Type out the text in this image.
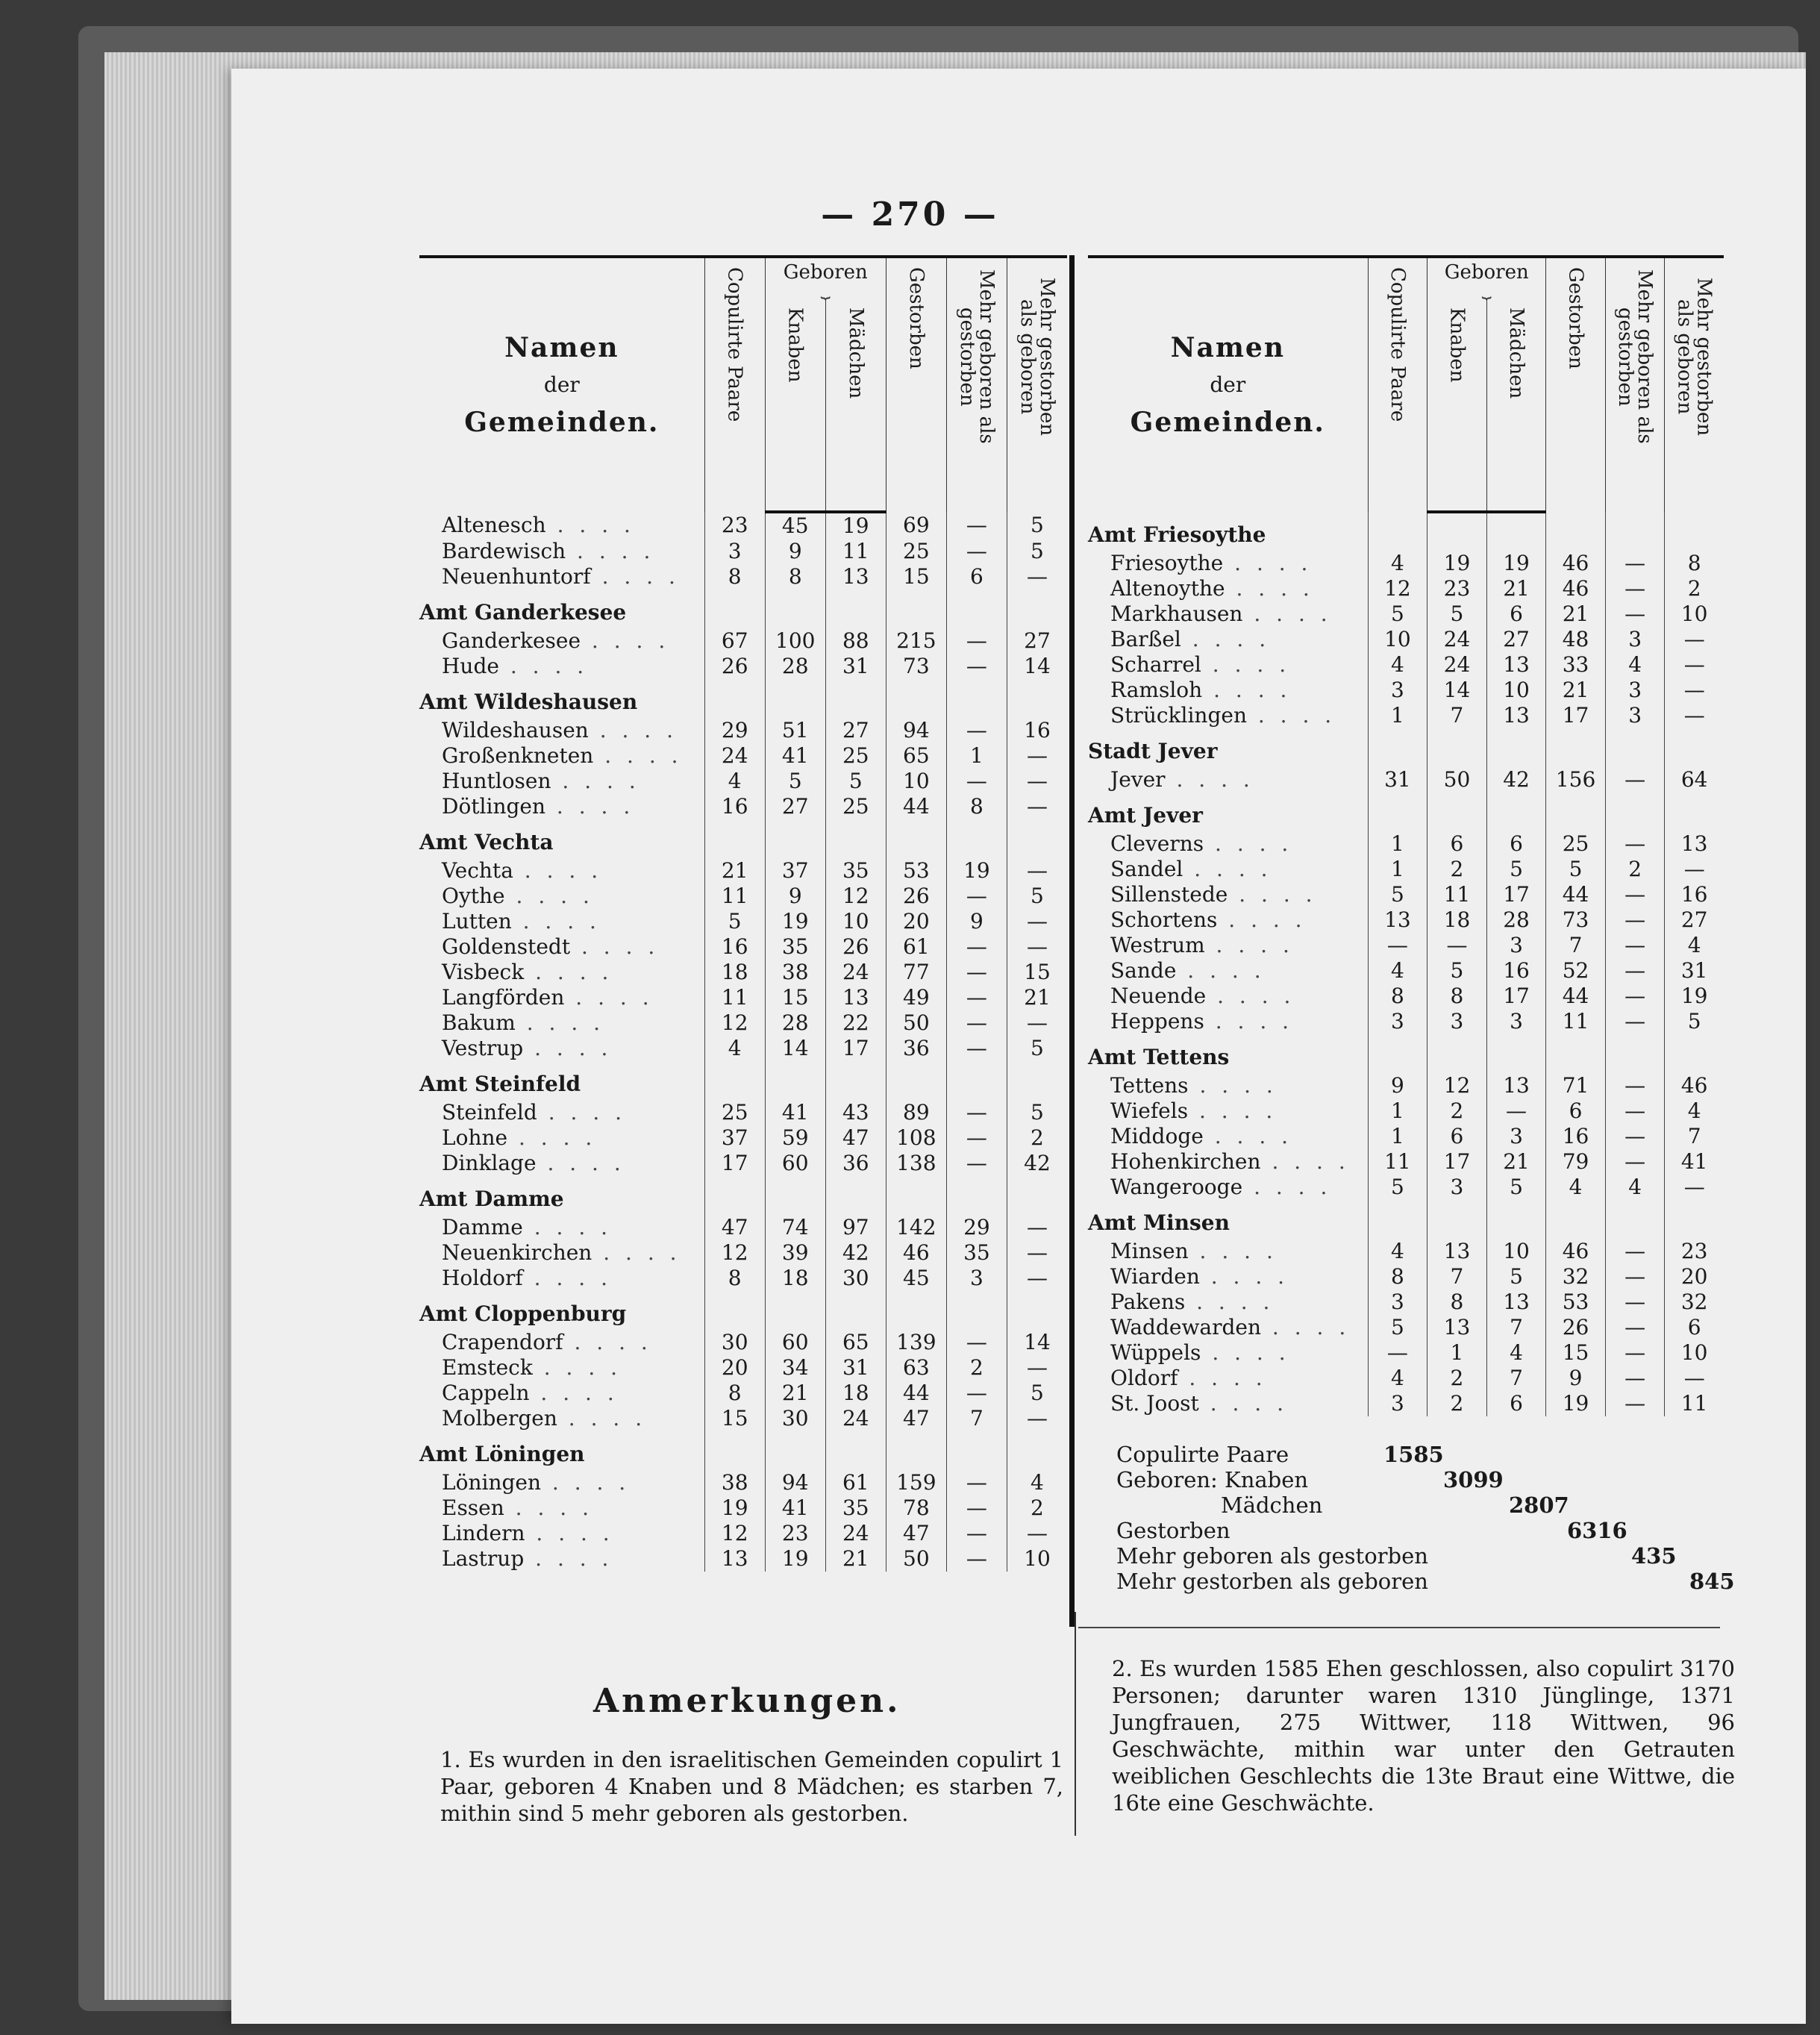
— 270 —
Namen
der
Gemeinden.	Copulirte Paare	Geboren
⏟		Gestorben	Mehr geboren als gestorben	Mehr gestorben als geboren
		Knaben	Mädchen			
Altenesch . . . .	23	45	19	69	—	5
Bardewisch . . . .	3	9	11	25	—	5
Neuenhuntorf . . . .	8	8	13	15	6	—
Amt Ganderkesee						
Ganderkesee . . . .	67	100	88	215	—	27
Hude . . . .	26	28	31	73	—	14
Amt Wildeshausen						
Wildeshausen . . . .	29	51	27	94	—	16
Großenkneten . . . .	24	41	25	65	1	—
Huntlosen . . . .	4	5	5	10	—	—
Dötlingen . . . .	16	27	25	44	8	—
Amt Vechta						
Vechta . . . .	21	37	35	53	19	—
Oythe . . . .	11	9	12	26	—	5
Lutten . . . .	5	19	10	20	9	—
Goldenstedt . . . .	16	35	26	61	—	—
Visbeck . . . .	18	38	24	77	—	15
Langförden . . . .	11	15	13	49	—	21
Bakum . . . .	12	28	22	50	—	—
Vestrup . . . .	4	14	17	36	—	5
Amt Steinfeld						
Steinfeld . . . .	25	41	43	89	—	5
Lohne . . . .	37	59	47	108	—	2
Dinklage . . . .	17	60	36	138	—	42
Amt Damme						
Damme . . . .	47	74	97	142	29	—
Neuenkirchen . . . .	12	39	42	46	35	—
Holdorf . . . .	8	18	30	45	3	—
Amt Cloppenburg						
Crapendorf . . . .	30	60	65	139	—	14
Emsteck . . . .	20	34	31	63	2	—
Cappeln . . . .	8	21	18	44	—	5
Molbergen . . . .	15	30	24	47	7	—
Amt Löningen						
Löningen . . . .	38	94	61	159	—	4
Essen . . . .	19	41	35	78	—	2
Lindern . . . .	12	23	24	47	—	—
Lastrup . . . .	13	19	21	50	—	10
Namen
der
Gemeinden.	Copulirte Paare	Geboren
⏟		Gestorben	Mehr geboren als gestorben	Mehr gestorben als geboren
		Knaben	Mädchen			
Amt Friesoythe						
Friesoythe . . . .	4	19	19	46	—	8
Altenoythe . . . .	12	23	21	46	—	2
Markhausen . . . .	5	5	6	21	—	10
Barßel . . . .	10	24	27	48	3	—
Scharrel . . . .	4	24	13	33	4	—
Ramsloh . . . .	3	14	10	21	3	—
Strücklingen . . . .	1	7	13	17	3	—
Stadt Jever						
Jever . . . .	31	50	42	156	—	64
Amt Jever						
Cleverns . . . .	1	6	6	25	—	13
Sandel . . . .	1	2	5	5	2	—
Sillenstede . . . .	5	11	17	44	—	16
Schortens . . . .	13	18	28	73	—	27
Westrum . . . .	—	—	3	7	—	4
Sande . . . .	4	5	16	52	—	31
Neuende . . . .	8	8	17	44	—	19
Heppens . . . .	3	3	3	11	—	5
Amt Tettens						
Tettens . . . .	9	12	13	71	—	46
Wiefels . . . .	1	2	—	6	—	4
Middoge . . . .	1	6	3	16	—	7
Hohenkirchen . . . .	11	17	21	79	—	41
Wangerooge . . . .	5	3	5	4	4	—
Amt Minsen						
Minsen . . . .	4	13	10	46	—	23
Wiarden . . . .	8	7	5	32	—	20
Pakens . . . .	3	8	13	53	—	32
Waddewarden . . . .	5	13	7	26	—	6
Wüppels . . . .	—	1	4	15	—	10
Oldorf . . . .	4	2	7	9	—	—
St. Joost . . . .	3	2	6	19	—	11
Copulirte Paare	1585
Geboren: Knaben	3099
Mädchen	2807
Gestorben	6316
Mehr geboren als gestorben	435
Mehr gestorben als geboren	845
Anmerkungen.
1. Es wurden in den israelitischen Gemeinden copulirt 1 Paar, geboren 4 Knaben und 8 Mädchen; es starben 7, mithin sind 5 mehr geboren als gestorben.
2. Es wurden 1585 Ehen geschlossen, also copulirt 3170 Personen; darunter waren 1310 Jünglinge, 1371 Jungfrauen, 275 Wittwer, 118 Wittwen, 96 Geschwächte, mithin war unter den Getrauten weiblichen Geschlechts die 13te Braut eine Wittwe, die 16te eine Geschwächte.
